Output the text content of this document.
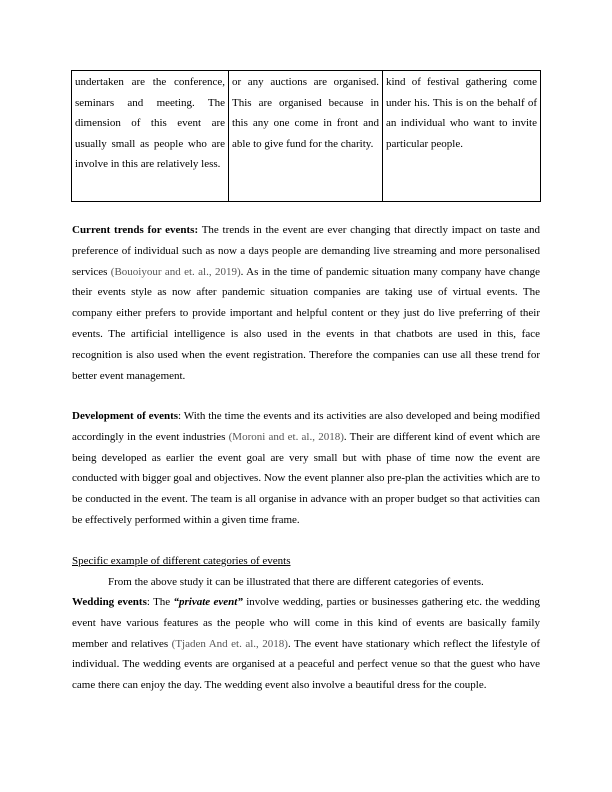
undertaken are the conference, seminars and meeting. The dimension of this event are usually small as people who are involve in this are relatively less.
or any auctions are organised. This are organised because in this any one come in front and able to give fund for the charity.
kind of festival gathering come under his. This is on the behalf of an individual who want to invite particular people.

Current trends for events: The trends in the event are ever changing that directly impact on taste and preference of individual such as now a days people are demanding live streaming and more personalised services (Bouoiyour and et. al., 2019). As in the time of pandemic situation many company have change their events style as now after pandemic situation companies are taking use of virtual events. The company either prefers to provide important and helpful content or they just do live preferring of their events. The artificial intelligence is also used in the events in that chatbots are used in this, face recognition is also used when the event registration. Therefore the companies can use all these trend for better event management.

Development of events: With the time the events and its activities are also developed and being modified accordingly in the event industries (Moroni and et. al., 2018). Their are different kind of event which are being developed as earlier the event goal are very small but with phase of time now the event are conducted with bigger goal and objectives. Now the event planner also pre-plan the activities which are to be conducted in the event. The team is all organise in advance with an proper budget so that activities can be effectively performed within a given time frame.

Specific example of different categories of events

From the above study it can be illustrated that there are different categories of events.

Wedding events: The “private event” involve wedding, parties or businesses gathering etc. the wedding event have various features as the people who will come in this kind of events are basically family member and relatives (Tjaden And et. al., 2018). The event have stationary which reflect the lifestyle of individual. The wedding events are organised at a peaceful and perfect venue so that the guest who have came there can enjoy the day. The wedding event also involve a beautiful dress for the couple.
